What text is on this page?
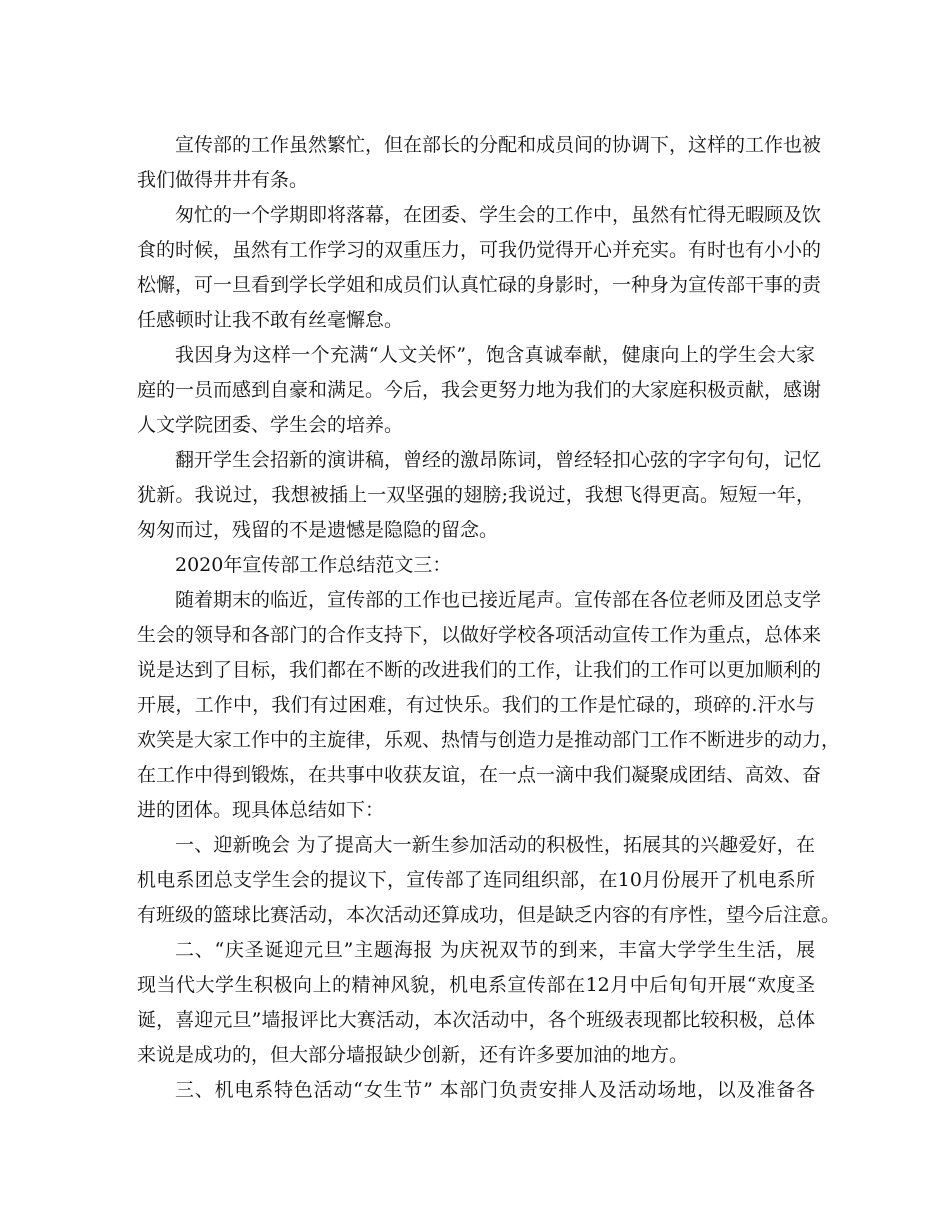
宣传部的工作虽然繁忙，但在部长的分配和成员间的协调下，这样的工作也被

我们做得井井有条。

匆忙的一个学期即将落幕，在团委、学生会的工作中，虽然有忙得无暇顾及饮

食的时候，虽然有工作学习的双重压力，可我仍觉得开心并充实。有时也有小小的

松懈，可一旦看到学长学姐和成员们认真忙碌的身影时，一种身为宣传部干事的责

任感顿时让我不敢有丝毫懈怠。

我因身为这样一个充满“人文关怀”，饱含真诚奉献，健康向上的学生会大家

庭的一员而感到自豪和满足。今后，我会更努力地为我们的大家庭积极贡献，感谢

人文学院团委、学生会的培养。

翻开学生会招新的演讲稿，曾经的激昂陈词，曾经轻扣心弦的字字句句，记忆

犹新。我说过，我想被插上一双坚强的翅膀;我说过，我想飞得更高。短短一年，

匆匆而过，残留的不是遗憾是隐隐的留念。

2020年宣传部工作总结范文三：

随着期末的临近，宣传部的工作也已接近尾声。宣传部在各位老师及团总支学

生会的领导和各部门的合作支持下，以做好学校各项活动宣传工作为重点，总体来

说是达到了目标，我们都在不断的改进我们的工作，让我们的工作可以更加顺利的

开展，工作中，我们有过困难，有过快乐。我们的工作是忙碌的，琐碎的.汗水与

欢笑是大家工作中的主旋律，乐观、热情与创造力是推动部门工作不断进步的动力，

在工作中得到锻炼，在共事中收获友谊，在一点一滴中我们凝聚成团结、高效、奋

进的团体。现具体总结如下：

一、迎新晚会 为了提高大一新生参加活动的积极性，拓展其的兴趣爱好，在

机电系团总支学生会的提议下，宣传部了连同组织部，在10月份展开了机电系所

有班级的篮球比赛活动，本次活动还算成功，但是缺乏内容的有序性，望今后注意。

二、“庆圣诞迎元旦”主题海报 为庆祝双节的到来，丰富大学学生生活，展

现当代大学生积极向上的精神风貌，机电系宣传部在12月中后旬旬开展“欢度圣

诞，喜迎元旦”墙报评比大赛活动，本次活动中，各个班级表现都比较积极，总体

来说是成功的，但大部分墙报缺少创新，还有许多要加油的地方。

三、机电系特色活动“女生节” 本部门负责安排人及活动场地，以及准备各
